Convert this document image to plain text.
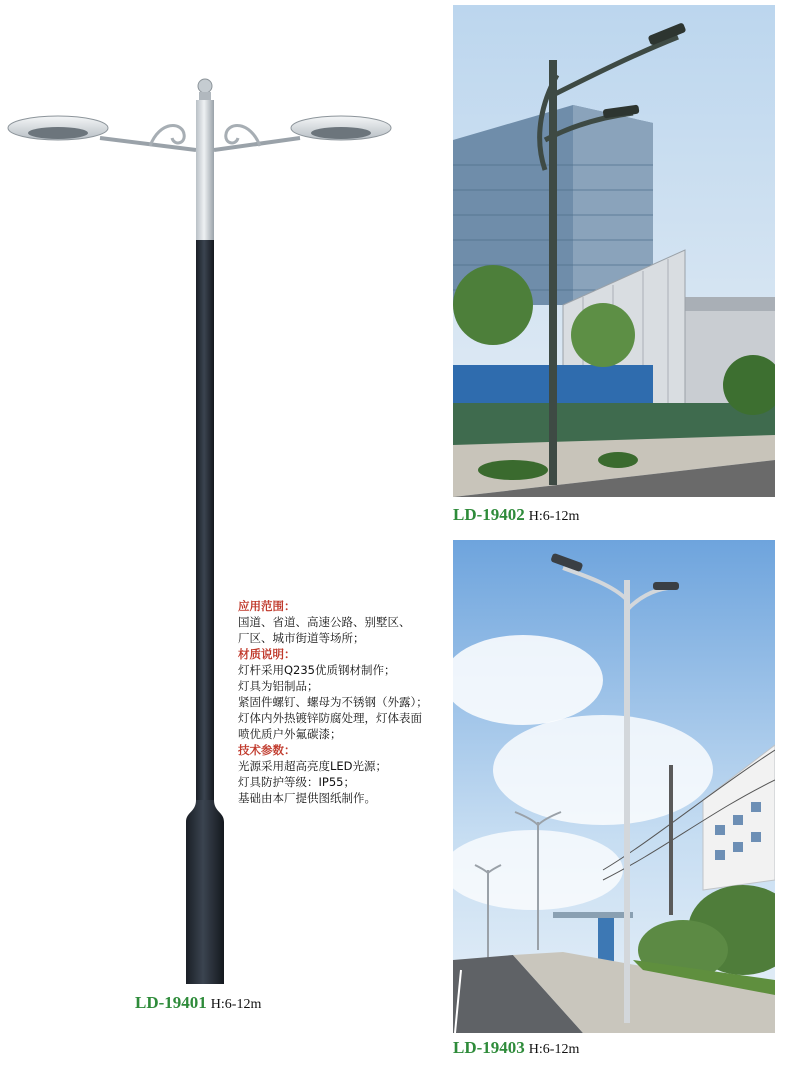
应用范围：
国道、省道、高速公路、别墅区、
厂区、城市街道等场所；
材质说明：
灯杆采用Q235优质钢材制作；
灯具为铝制品；
紧固件螺钉、螺母为不锈钢（外露）；
灯体内外热镀锌防腐处理，灯体表面
喷优质户外氟碳漆；
技术参数：
光源采用超高亮度LED光源；
灯具防护等级：IP55；
基础由本厂提供图纸制作。
LD-19401 H:6-12m
LD-19402 H:6-12m
LD-19403 H:6-12m
